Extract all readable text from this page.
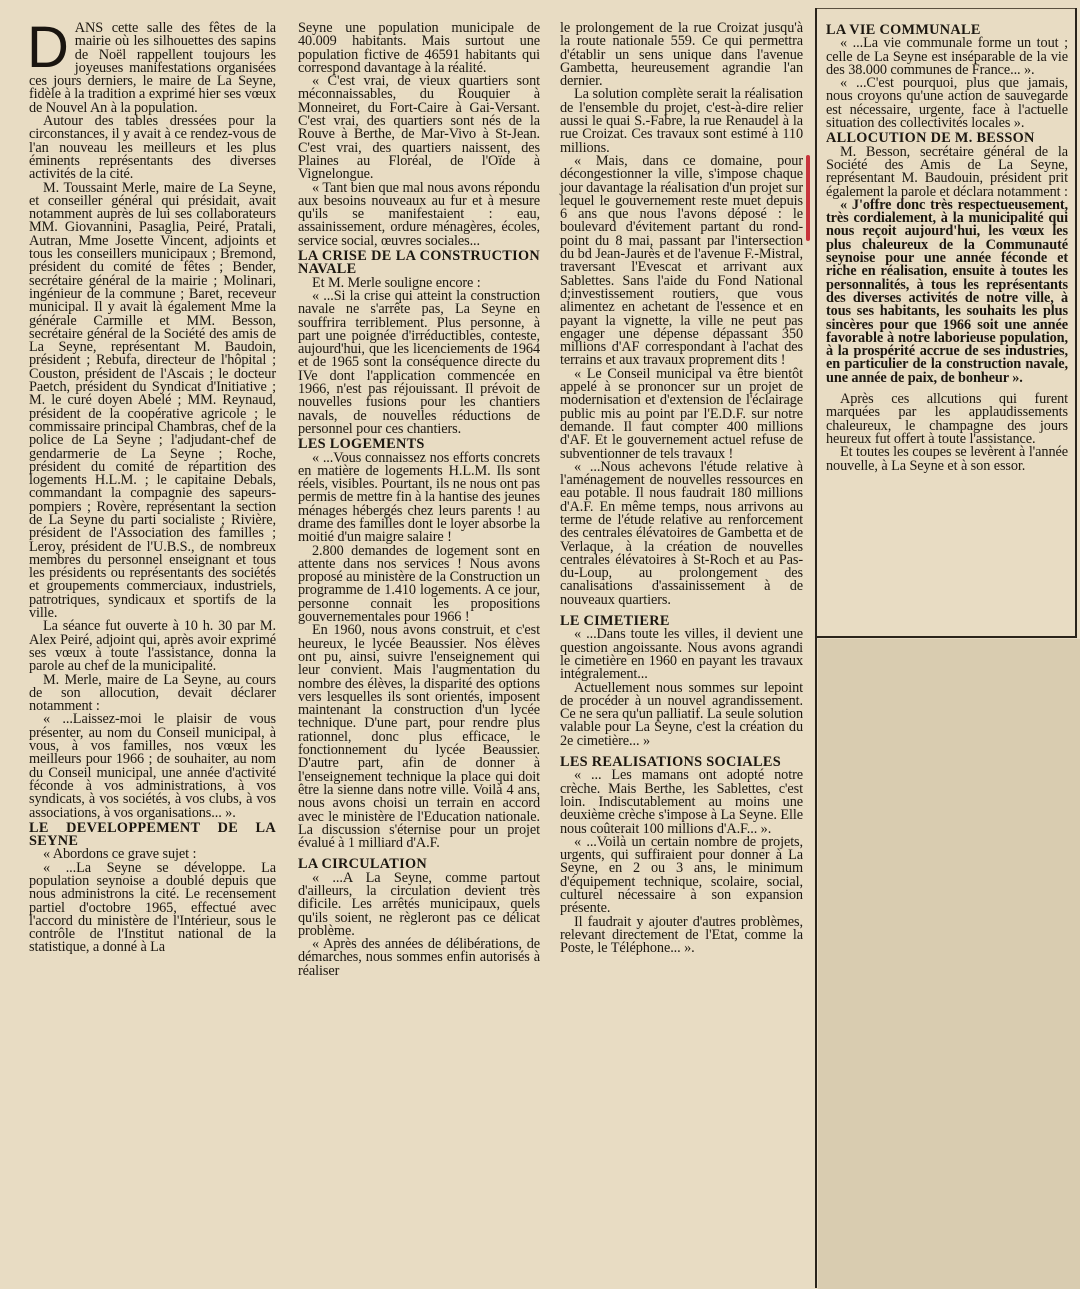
D ANS cette salle des fêtes de la mairie où les silhouettes des sapins de Noël rappellent toujours les joyeuses manifestations organisées ces jours derniers, le maire de La Seyne, fidèle à la tradition a exprimé hier ses vœux de Nouvel An à la population.

Autour des tables dressées pour la circonstances, il y avait à ce rendez-vous de l'an nouveau les meilleurs et les plus éminents représentants des diverses activités de la cité.

M. Toussaint Merle, maire de La Seyne, et conseiller général qui présidait, avait notamment auprès de lui ses collaborateurs MM. Giovannini, Pasaglia, Peiré, Pratali, Autran, Mme Josette Vincent, adjoints et tous les conseillers municipaux ; Bremond, président du comité de fêtes ; Bender, secrétaire général de la mairie ; Molinari, ingénieur de la commune ; Baret, receveur municipal. Il y avait là également Mme la générale Carmille et MM. Besson, secrétaire général de la Société des amis de La Seyne, représentant M. Baudoin, président ; Rebufa, directeur de l'hôpital ; Couston, président de l'Ascais ; le docteur Paetch, président du Syndicat d'Initiative ; M. le curé doyen Abelé ; MM. Reynaud, président de la coopérative agricole ; le commissaire principal Chambras, chef de la police de La Seyne ; l'adjudant-chef de gendarmerie de La Seyne ; Roche, président du comité de répartition des logements H.L.M. ; le capitaine Debals, commandant la compagnie des sapeurs-pompiers ; Rovère, représentant la section de La Seyne du parti socialiste ; Rivière, président de l'Association des familles ; Leroy, président de l'U.B.S., de nombreux membres du personnel enseignant et tous les présidents ou représentants des sociétés et groupements commerciaux, industriels, patrotriques, syndicaux et sportifs de la ville.

La séance fut ouverte à 10 h. 30 par M. Alex Peiré, adjoint qui, après avoir exprimé ses vœux à toute l'assistance, donna la parole au chef de la municipalité.

M. Merle, maire de La Seyne, au cours de son allocution, devait déclarer notamment :

« ...Laissez-moi le plaisir de vous présenter, au nom du Conseil municipal, à vous, à vos familles, nos vœux les meilleurs pour 1966 ; de souhaiter, au nom du Conseil municipal, une année d'activité féconde à vos administrations, à vos syndicats, à vos sociétés, à vos clubs, à vos associations, à vos organisations... ».

LE DEVELOPPEMENT DE LA SEYNE

« Abordons ce grave sujet :

« ...La Seyne se développe. La population seynoise a doublé depuis que nous administrons la cité. Le recensement partiel d'octobre 1965, effectué avec l'accord du ministère de l'Intérieur, sous le contrôle de l'Institut national de la statistique, a donné à La

Seyne une population municipale de 40.009 habitants. Mais surtout une population fictive de 46591 habitants qui correspond davantage à la réalité.

« C'est vrai, de vieux quartiers sont méconnaissables, du Rouquier à Monneiret, du Fort-Caire à Gai-Versant. C'est vrai, des quartiers sont nés de la Rouve à Berthe, de Mar-Vivo à St-Jean. C'est vrai, des quartiers naissent, des Plaines au Floréal, de l'Oïde à Vignelongue.

« Tant bien que mal nous avons répondu aux besoins nouveaux au fur et à mesure qu'ils se manifestaient : eau, assainissement, ordure ménagères, écoles, service social, œuvres sociales...

LA CRISE DE LA CONSTRUCTION NAVALE

Et M. Merle souligne encore :

« ...Si la crise qui atteint la construction navale ne s'arrête pas, La Seyne en souffrira terriblement. Plus personne, à part une poignée d'irréductibles, conteste, aujourd'hui, que les licenciements de 1964 et de 1965 sont la conséquence directe du IVe dont l'application commencée en 1966, n'est pas réjouissant. Il prévoit de nouvelles fusions pour les chantiers navals, de nouvelles réductions de personnel pour ces chantiers.

LES LOGEMENTS

« ...Vous connaissez nos efforts concrets en matière de logements H.L.M. Ils sont réels, visibles. Pourtant, ils ne nous ont pas permis de mettre fin à la hantise des jeunes ménages hébergés chez leurs parents ! au drame des familles dont le loyer absorbe la moitié d'un maigre salaire !

2.800 demandes de logement sont en attente dans nos services ! Nous avons proposé au ministère de la Construction un programme de 1.410 logements. A ce jour, personne connait les propositions gouvernementales pour 1966 !

En 1960, nous avons construit, et c'est heureux, le lycée Beaussier. Nos élèves ont pu, ainsi, suivre l'enseignement qui leur convient. Mais l'augmentation du nombre des élèves, la disparité des options vers lesquelles ils sont orientés, imposent maintenant la construction d'un lycée technique. D'une part, pour rendre plus rationnel, donc plus efficace, le fonctionnement du lycée Beaussier. D'autre part, afin de donner à l'enseignement technique la place qui doit être la sienne dans notre ville. Voilà 4 ans, nous avons choisi un terrain en accord avec le ministère de l'Education nationale. La discussion s'éternise pour un projet évalué à 1 milliard d'A.F.

LA CIRCULATION

« ...A La Seyne, comme partout d'ailleurs, la circulation devient très dificile. Les arrêtés municipaux, quels qu'ils soient, ne règleront pas ce délicat problème.

« Après des années de délibérations, de démarches, nous sommes enfin autorisés à réaliser

le prolongement de la rue Croizat jusqu'à la route nationale 559. Ce qui permettra d'établir un sens unique dans l'avenue Gambetta, heureusement agrandie l'an dernier.

La solution complète serait la réalisation de l'ensemble du projet, c'est-à-dire relier aussi le quai S.-Fabre, la rue Renaudel à la rue Croizat. Ces travaux sont estimé à 110 millions.

« Mais, dans ce domaine, pour décongestionner la ville, s'impose chaque jour davantage la réalisation d'un projet sur lequel le gouvernement reste muet depuis 6 ans que nous l'avons déposé : le boulevard d'évitement partant du rond-point du 8 mai, passant par l'intersection du bd Jean-Jaurès et de l'avenue F.-Mistral, traversant l'Evescat et arrivant aux Sablettes. Sans l'aide du Fond National d;investissement routiers, que vous alimentez en achetant de l'essence et en payant la vignette, la ville ne peut pas engager une dépense dépassant 350 millions d'AF correspondant à l'achat des terrains et aux travaux proprement dits !

« Le Conseil municipal va être bientôt appelé à se prononcer sur un projet de modernisation et d'extension de l'éclairage public mis au point par l'E.D.F. sur notre demande. Il faut compter 400 millions d'AF. Et le gouvernement actuel refuse de subventionner de tels travaux !

« ...Nous achevons l'étude relative à l'aménagement de nouvelles ressources en eau potable. Il nous faudrait 180 millions d'A.F. En même temps, nous arrivons au terme de l'étude relative au renforcement des centrales élévatoires de Gambetta et de Verlaque, à la création de nouvelles centrales élévatoires à St-Roch et au Pas-du-Loup, au prolongement des canalisations d'assainissement à de nouveaux quartiers.

LE CIMETIERE

« ...Dans toute les villes, il devient une question angoissante. Nous avons agrandi le cimetière en 1960 en payant les travaux intégralement...

Actuellement nous sommes sur lepoint de procéder à un nouvel agrandissement. Ce ne sera qu'un palliatif. La seule solution valable pour La Seyne, c'est la création du 2e cimetière... »

LES REALISATIONS SOCIALES

« ... Les mamans ont adopté notre crèche. Mais Berthe, les Sablettes, c'est loin. Indiscutablement au moins une deuxième crèche s'impose à La Seyne. Elle nous coûterait 100 millions d'A.F... ».

« ...Voilà un certain nombre de projets, urgents, qui suffiraient pour donner à La Seyne, en 2 ou 3 ans, le minimum d'équipement technique, scolaire, social, culturel nécessaire à son expansion présente.

Il faudrait y ajouter d'autres problèmes, relevant directement de l'Etat, comme la Poste, le Téléphone... ».

LA VIE COMMUNALE

« ...La vie communale forme un tout ; celle de La Seyne est inséparable de la vie des 38.000 communes de France... ».

« ...C'est pourquoi, plus que jamais, nous croyons qu'une action de sauvegarde est nécessaire, urgente, face à l'actuelle situation des collectivités locales ».

ALLOCUTION DE M. BESSON

M. Besson, secrétaire général de la Société des Amis de La Seyne, représentant M. Baudouin, président prit également la parole et déclara notamment :

« J'offre donc très respectueusement, très cordialement, à la municipalité qui nous reçoit aujourd'hui, les vœux les plus chaleureux de la Communauté seynoise pour une année féconde et riche en réalisation, ensuite à toutes les personnalités, à tous les représentants des diverses activités de notre ville, à tous ses habitants, les souhaits les plus sincères pour que 1966 soit une année favorable à notre laborieuse population, à la prospérité accrue de ses industries, en particulier de la construction navale, une année de paix, de bonheur ».

Après ces allcutions qui furent marquées par les applaudissements chaleureux, le champagne des jours heureux fut offert à toute l'assistance.

Et toutes les coupes se levèrent à l'année nouvelle, à La Seyne et à son essor.
